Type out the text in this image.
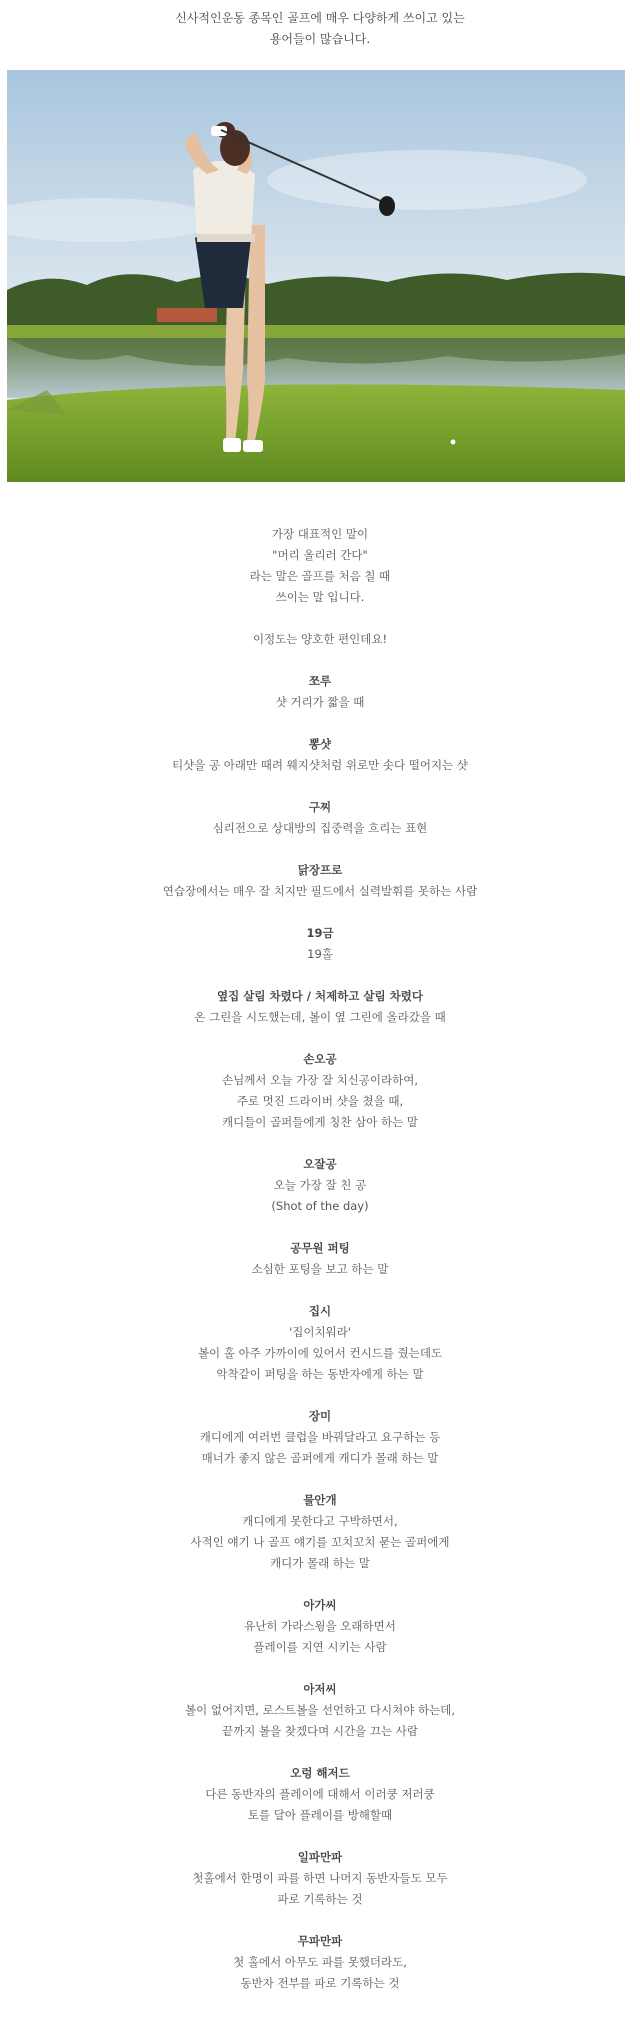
신사적인운동 종목인 골프에 매우 다양하게 쓰이고 있는
용어들이 많습니다.
가장 대표적인 말이
"머리 올리러 간다"
라는 말은 골프를 처음 칠 때
쓰이는 말 입니다.
이정도는 양호한 편인데요!
쪼루
샷 거리가 짧을 때
뽕샷
티샷을 공 아래만 때려 웨지샷처럼 위로만 솟다 떨어지는 샷
구찌
심리전으로 상대방의 집중력을 흐리는 표현
닭장프로
연습장에서는 매우 잘 치지만 필드에서 실력발휘를 못하는 사람
19금
19홀
옆집 살림 차렸다 / 처제하고 살림 차렸다
온 그린을 시도했는데, 볼이 옆 그린에 올라갔을 때
손오공
손님께서 오늘 가장 잘 치신공이라하여,
주로 멋진 드라이버 샷을 쳤을 때,
캐디들이 골퍼들에게 칭찬 삼아 하는 말
오잘공
오늘 가장 잘 친 공
(Shot of the day)
공무원 퍼팅
소심한 포팅을 보고 하는 말
집시
'집이치워라'
볼이 홀 아주 가까이에 있어서 컨시드를 줬는데도
악착같이 퍼팅을 하는 동반자에게 하는 말
장미
캐디에게 여러번 클럽을 바꿔달라고 요구하는 등
매너가 좋지 않은 골퍼에게 캐디가 몰래 하는 말
물안개
캐디에게 못한다고 구박하면서,
사적인 얘기 나 골프 얘기를 꼬치꼬치 묻는 골퍼에게
캐디가 몰래 하는 말
아가씨
유난히 가라스윙을 오래하면서
플레이를 지연 시키는 사람
아저씨
볼이 없어지면, 로스트볼을 선언하고 다시쳐야 하는데,
끝까지 볼을 찾겠다며 시간을 끄는 사람
오렁 해저드
다른 동반자의 플레이에 대해서 이러쿵 저러쿵
토를 달아 플레이를 방해할때
일파만파
첫홀에서 한명이 파를 하면 나머지 동반자들도 모두
파로 기록하는 것
무파만파
첫 홀에서 아무도 파를 못했더라도,
동반자 전부를 파로 기록하는 것
